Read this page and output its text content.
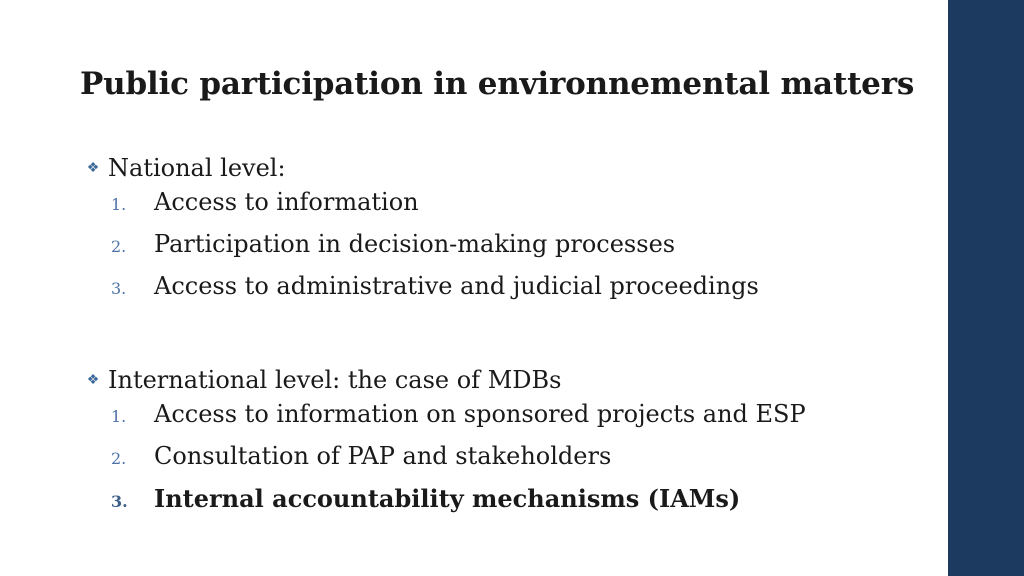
Public participation in environnemental matters
❖ National level:
1.	Access to information
2.	Participation in decision-making processes
3.	Access to administrative and judicial proceedings
❖ International level: the case of MDBs
1.	Access to information on sponsored projects and ESP
2.	Consultation of PAP and stakeholders
3.	Internal accountability mechanisms (IAMs)
